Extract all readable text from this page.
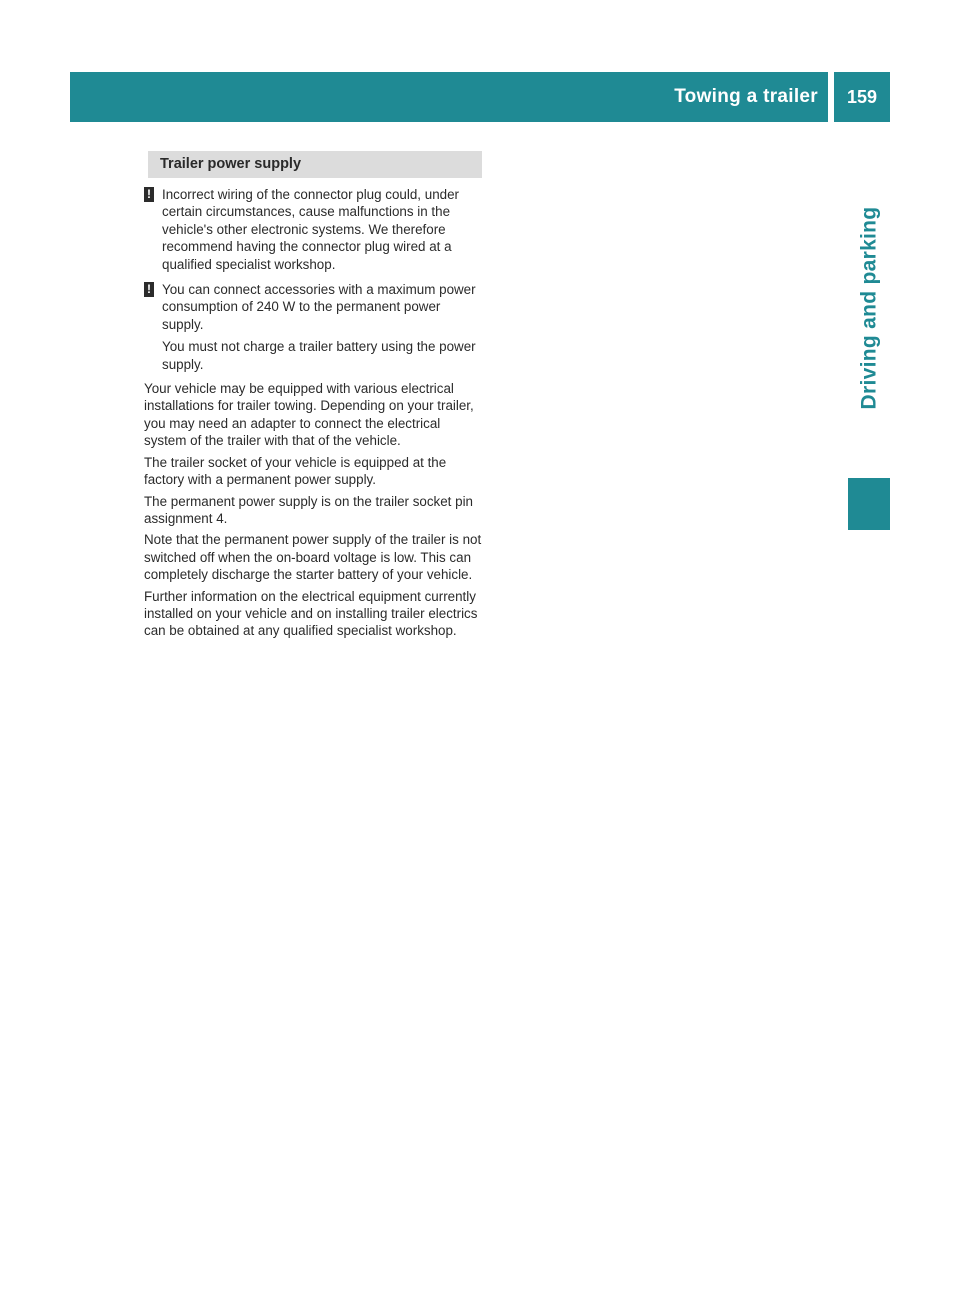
Towing a trailer	159
Driving and parking
Trailer power supply
! Incorrect wiring of the connector plug could, under certain circumstances, cause malfunctions in the vehicle's other electronic systems. We therefore recommend having the connector plug wired at a qualified specialist workshop.

! You can connect accessories with a maximum power consumption of 240 W to the permanent power supply.

You must not charge a trailer battery using the power supply.

Your vehicle may be equipped with various electrical installations for trailer towing. Depending on your trailer, you may need an adapter to connect the electrical system of the trailer with that of the vehicle.

The trailer socket of your vehicle is equipped at the factory with a permanent power supply.

The permanent power supply is on the trailer socket pin assignment 4.

Note that the permanent power supply of the trailer is not switched off when the on-board voltage is low. This can completely discharge the starter battery of your vehicle.

Further information on the electrical equipment currently installed on your vehicle and on installing trailer electrics can be obtained at any qualified specialist workshop.
